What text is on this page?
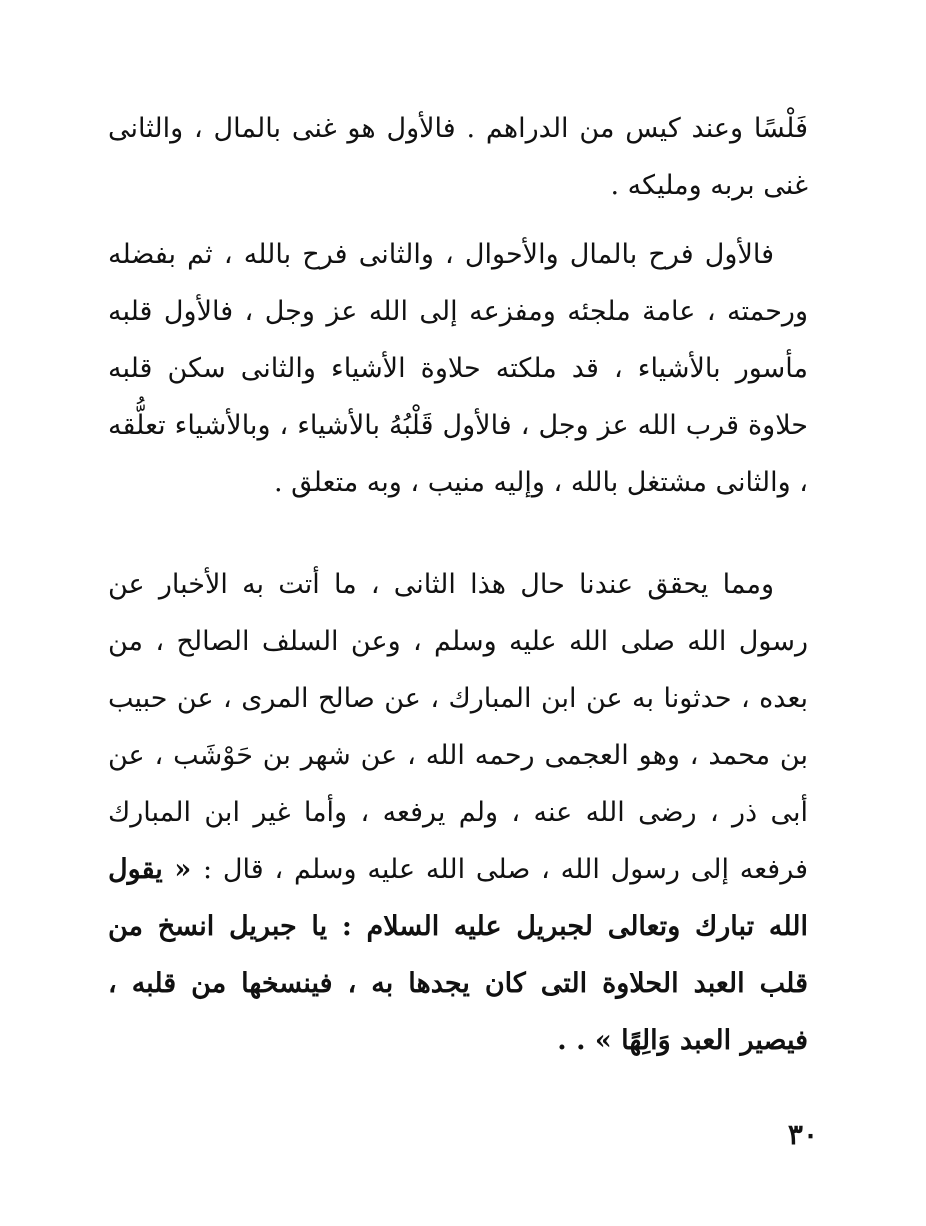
فَلْسًا وعند كيس من الدراهم . فالأول هو غنى بالمال ، والثانى غنى بربه ومليكه .

فالأول فرح بالمال والأحوال ، والثانى فرح بالله ، ثم بفضله ورحمته ، عامة ملجئه ومفزعه إلى الله عز وجل ، فالأول قلبه مأسور بالأشياء ، قد ملكته حلاوة الأشياء والثانى سكن قلبه حلاوة قرب الله عز وجل ، فالأول قَلْبُهُ بالأشياء ، وبالأشياء تعلُّقه ، والثانى مشتغل بالله ، وإليه منيب ، وبه متعلق .

ومما يحقق عندنا حال هذا الثانى ، ما أتت به الأخبار عن رسول الله صلى الله عليه وسلم ، وعن السلف الصالح ، من بعده ، حدثونا به عن ابن المبارك ، عن صالح المرى ، عن حبيب بن محمد ، وهو العجمى رحمه الله ، عن شهر بن حَوْشَب ، عن أبى ذر ، رضى الله عنه ، ولم يرفعه ، وأما غير ابن المبارك فرفعه إلى رسول الله ، صلى الله عليه وسلم ، قال : « يقول الله تبارك وتعالى لجبريل عليه السلام : يا جبريل انسخ من قلب العبد الحلاوة التى كان يجدها به ، فينسخها من قلبه ، فيصير العبد وَالِهًا » . .

٣٠
